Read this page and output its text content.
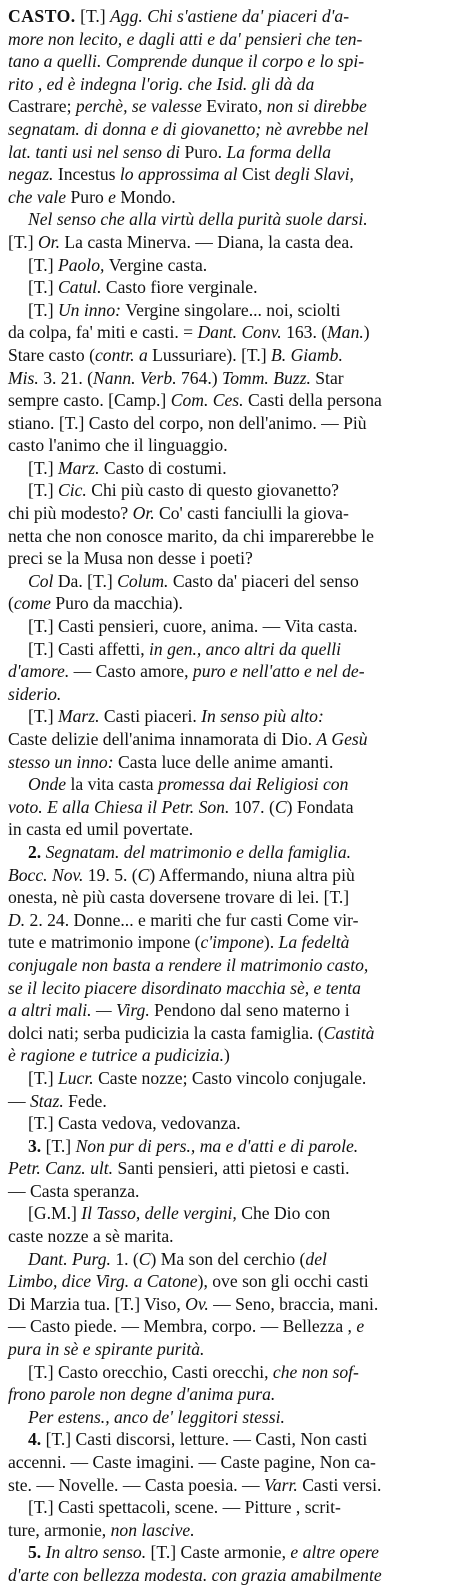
CASTO. [T.] Agg. Chi s'astiene da' piaceri d'a-
more non lecito, e dagli atti e da' pensieri che ten-
tano a quelli. Comprende dunque il corpo e lo spi-
rito , ed è indegna l'orig. che Isid. gli dà da
Castrare; perchè, se valesse Evirato, non si direbbe
segnatam. di donna e di giovanetto; nè avrebbe nel
lat. tanti usi nel senso di Puro. La forma della
negaz. Incestus lo approssima al Cist degli Slavi,
che vale Puro e Mondo.
Nel senso che alla virtù della purità suole darsi.
[T.] Or. La casta Minerva. — Diana, la casta dea.
[T.] Paolo, Vergine casta.
[T.] Catul. Casto fiore verginale.
[T.] Un inno: Vergine singolare... noi, sciolti
da colpa, fa' miti e casti. = Dant. Conv. 163. (Man.)
Stare casto (contr. a Lussuriare). [T.] B. Giamb.
Mis. 3. 21. (Nann. Verb. 764.) Tomm. Buzz. Star
sempre casto. [Camp.] Com. Ces. Casti della persona
stiano. [T.] Casto del corpo, non dell'animo. — Più
casto l'animo che il linguaggio.
[T.] Marz. Casto di costumi.
[T.] Cic. Chi più casto di questo giovanetto?
chi più modesto? Or. Co' casti fanciulli la giova-
netta che non conosce marito, da chi imparerebbe le
preci se la Musa non desse i poeti?
Col Da. [T.] Colum. Casto da' piaceri del senso
(come Puro da macchia).
[T.] Casti pensieri, cuore, anima. — Vita casta.
[T.] Casti affetti, in gen., anco altri da quelli
d'amore. — Casto amore, puro e nell'atto e nel de-
siderio.
[T.] Marz. Casti piaceri. In senso più alto:
Caste delizie dell'anima innamorata di Dio. A Gesù
stesso un inno: Casta luce delle anime amanti.
Onde la vita casta promessa dai Religiosi con
voto. E alla Chiesa il Petr. Son. 107. (C) Fondata
in casta ed umil povertate.
2. Segnatam. del matrimonio e della famiglia.
Bocc. Nov. 19. 5. (C) Affermando, niuna altra più
onesta, nè più casta doversene trovare di lei. [T.]
D. 2. 24. Donne... e mariti che fur casti Come vir-
tute e matrimonio impone (c'impone). La fedeltà
conjugale non basta a rendere il matrimonio casto,
se il lecito piacere disordinato macchia sè, e tenta
a altri mali. — Virg. Pendono dal seno materno i
dolci nati; serba pudicizia la casta famiglia. (Castità
è ragione e tutrice a pudicizia.)
[T.] Lucr. Caste nozze; Casto vincolo conjugale.
— Staz. Fede.
[T.] Casta vedova, vedovanza.
3. [T.] Non pur di pers., ma e d'atti e di parole.
Petr. Canz. ult. Santi pensieri, atti pietosi e casti.
— Casta speranza.
[G.M.] Il Tasso, delle vergini, Che Dio con
caste nozze a sè marita.
Dant. Purg. 1. (C) Ma son del cerchio (del
Limbo, dice Virg. a Catone), ove son gli occhi casti
Di Marzia tua. [T.] Viso, Ov. — Seno, braccia, mani.
— Casto piede. — Membra, corpo. — Bellezza , e
pura in sè e spirante purità.
[T.] Casto orecchio, Casti orecchi, che non sof-
frono parole non degne d'anima pura.
Per estens., anco de' leggitori stessi.
4. [T.] Casti discorsi, letture. — Casti, Non casti
accenni. — Caste imagini. — Caste pagine, Non ca-
ste. — Novelle. — Casta poesia. — Varr. Casti versi.
[T.] Casti spettacoli, scene. — Pitture , scrit-
ture, armonie, non lascive.
5. In altro senso. [T.] Caste armonie, e altre opere
d'arte con bellezza modesta. con grazia amabilmente
